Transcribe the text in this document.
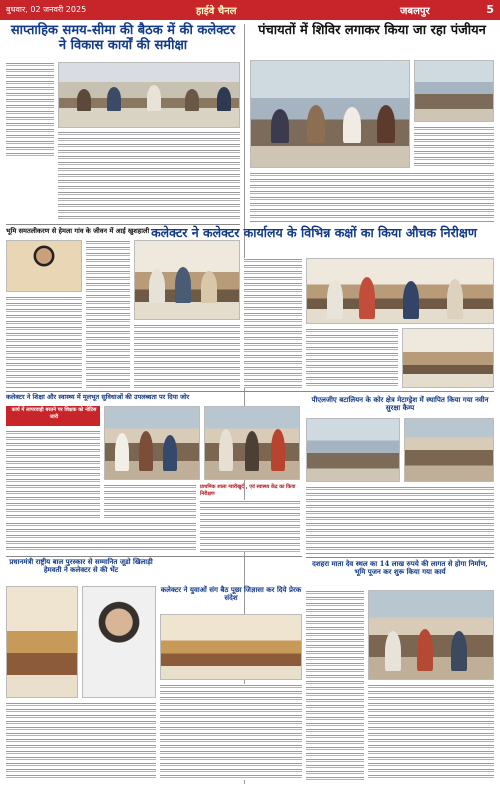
बुधवार, 02 जनवरी 2025	हाईवे चैनल	जबलपुर	5
साप्ताहिक समय-सीमा की बैठक में की कलेक्टर ने विकास कार्यों की समीक्षा
भूमि समतलीकरण से हेमला गांव के जीवन में आई खुशहाली
पंचायतों में शिविर लगाकर किया जा रहा पंजीयन
कलेक्टर ने कलेक्टर कार्यालय के विभिन्न कक्षों का किया औचक निरीक्षण
कलेक्टर ने शिक्षा और स्वास्थ्य में मूलभूत सुविधाओं की उपलब्धता पर दिया जोर
कार्य में लापरवाही बरतने पर शिक्षक को नोटिस जारी
प्राथमिक शाला ग्वारीखुर्द , एवं स्वास्थ्य केंद्र का किया निरीक्षण
पीएलजीए बटालियन के कोर क्षेत्र मेटाग्ड्रेश में स्थापित किया गया नवीन सुरक्षा कैम्प
दशहरा माता देव स्थल का 14 लाख रुपये की लागत से होगा निर्माण, भूमि पूजन कर शुरू किया गया कार्य
प्रधानमंत्री राष्ट्रीय बाल पुरस्कार से सम्मानित जूडो खिलाड़ी हेमवती ने कलेक्टर से की भेंट
कलेक्टर ने युवाओं संग बैठ पूछा जिज्ञासा कर दिये प्रेरक संदेश
